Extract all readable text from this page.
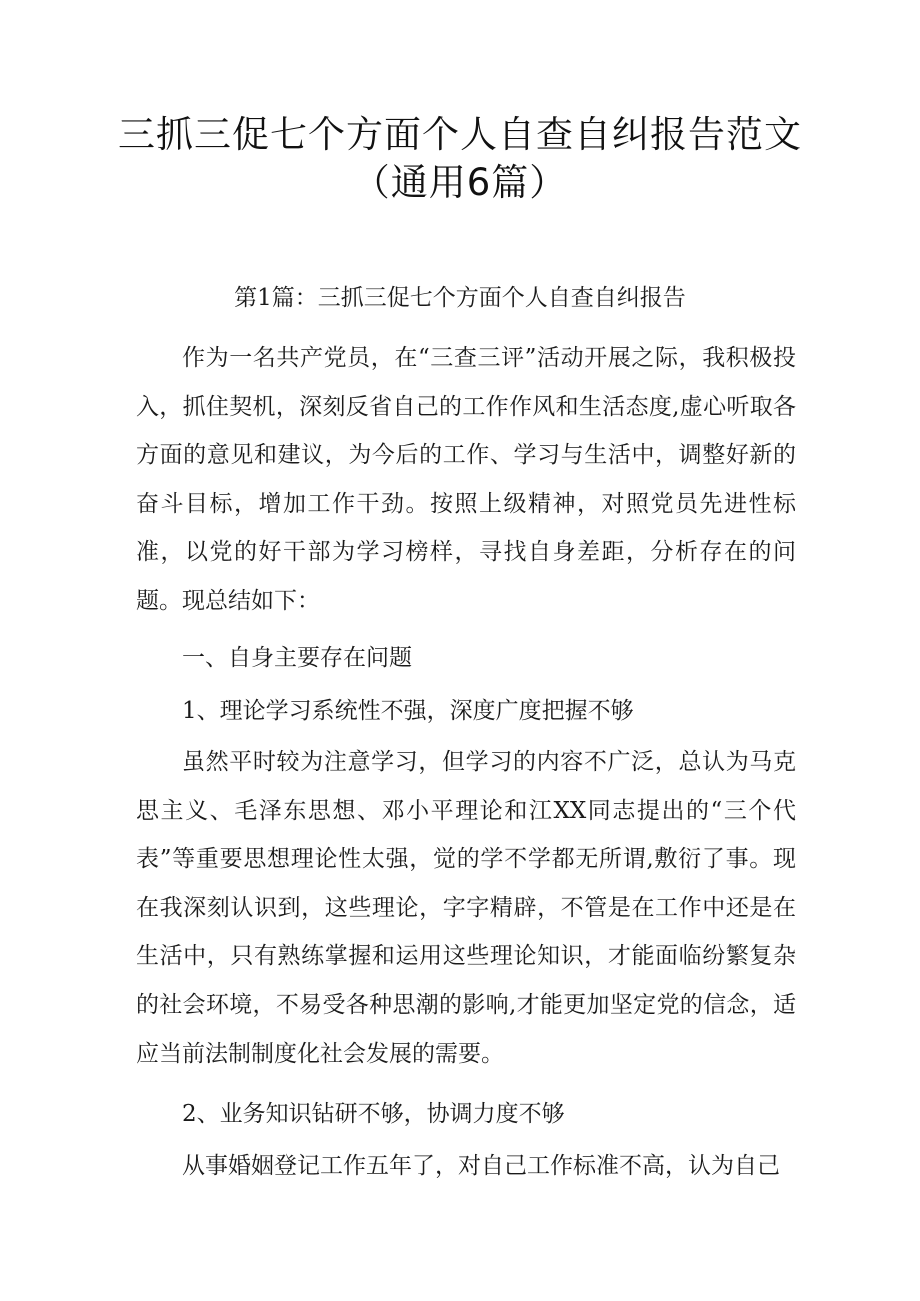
三抓三促七个方面个人自查自纠报告范文
（通用6篇）
第1篇：三抓三促七个方面个人自查自纠报告

作为一名共产党员，在“三查三评”活动开展之际，我积极投入，抓住契机，深刻反省自己的工作作风和生活态度,虚心听取各方面的意见和建议，为今后的工作、学习与生活中，调整好新的奋斗目标，增加工作干劲。按照上级精神，对照党员先进性标准，以党的好干部为学习榜样，寻找自身差距，分析存在的问题。现总结如下：

一、自身主要存在问题

1、理论学习系统性不强，深度广度把握不够

虽然平时较为注意学习，但学习的内容不广泛，总认为马克思主义、毛泽东思想、邓小平理论和江XX同志提出的“三个代表”等重要思想理论性太强，觉的学不学都无所谓,敷衍了事。现在我深刻认识到，这些理论，字字精辟，不管是在工作中还是在生活中，只有熟练掌握和运用这些理论知识，才能面临纷繁复杂的社会环境，不易受各种思潮的影响,才能更加坚定党的信念，适应当前法制制度化社会发展的需要。

2、业务知识钻研不够，协调力度不够

从事婚姻登记工作五年了，对自己工作标准不高，认为自己
